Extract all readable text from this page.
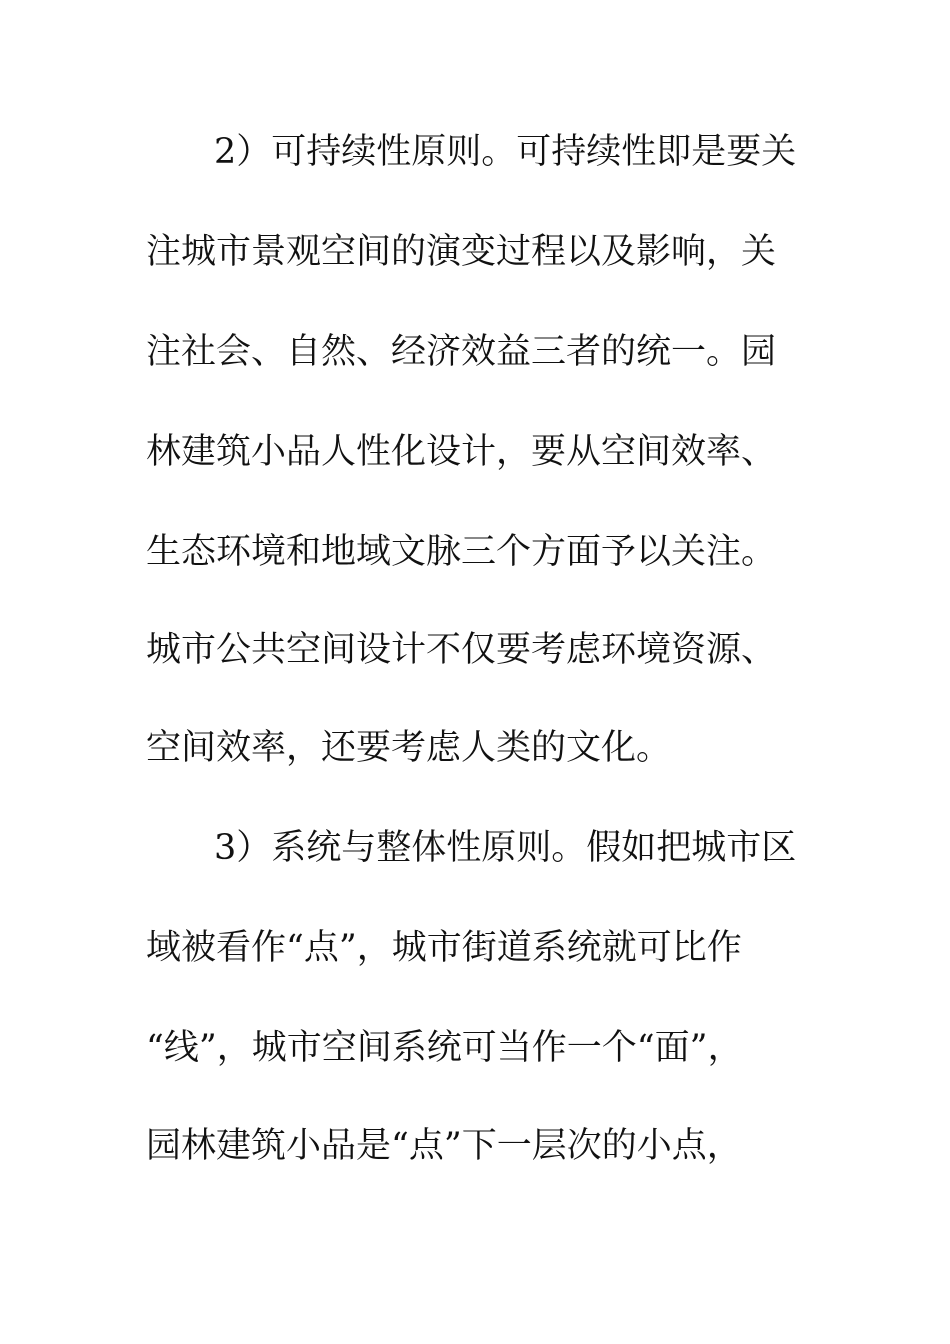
2）可持续性原则。可持续性即是要关
注城市景观空间的演变过程以及影响，关
注社会、自然、经济效益三者的统一。园
林建筑小品人性化设计，要从空间效率、
生态环境和地域文脉三个方面予以关注。
城市公共空间设计不仅要考虑环境资源、
空间效率，还要考虑人类的文化。
3）系统与整体性原则。假如把城市区
域被看作“点”，城市街道系统就可比作
“线”，城市空间系统可当作一个“面”，
园林建筑小品是“点”下一层次的小点，
